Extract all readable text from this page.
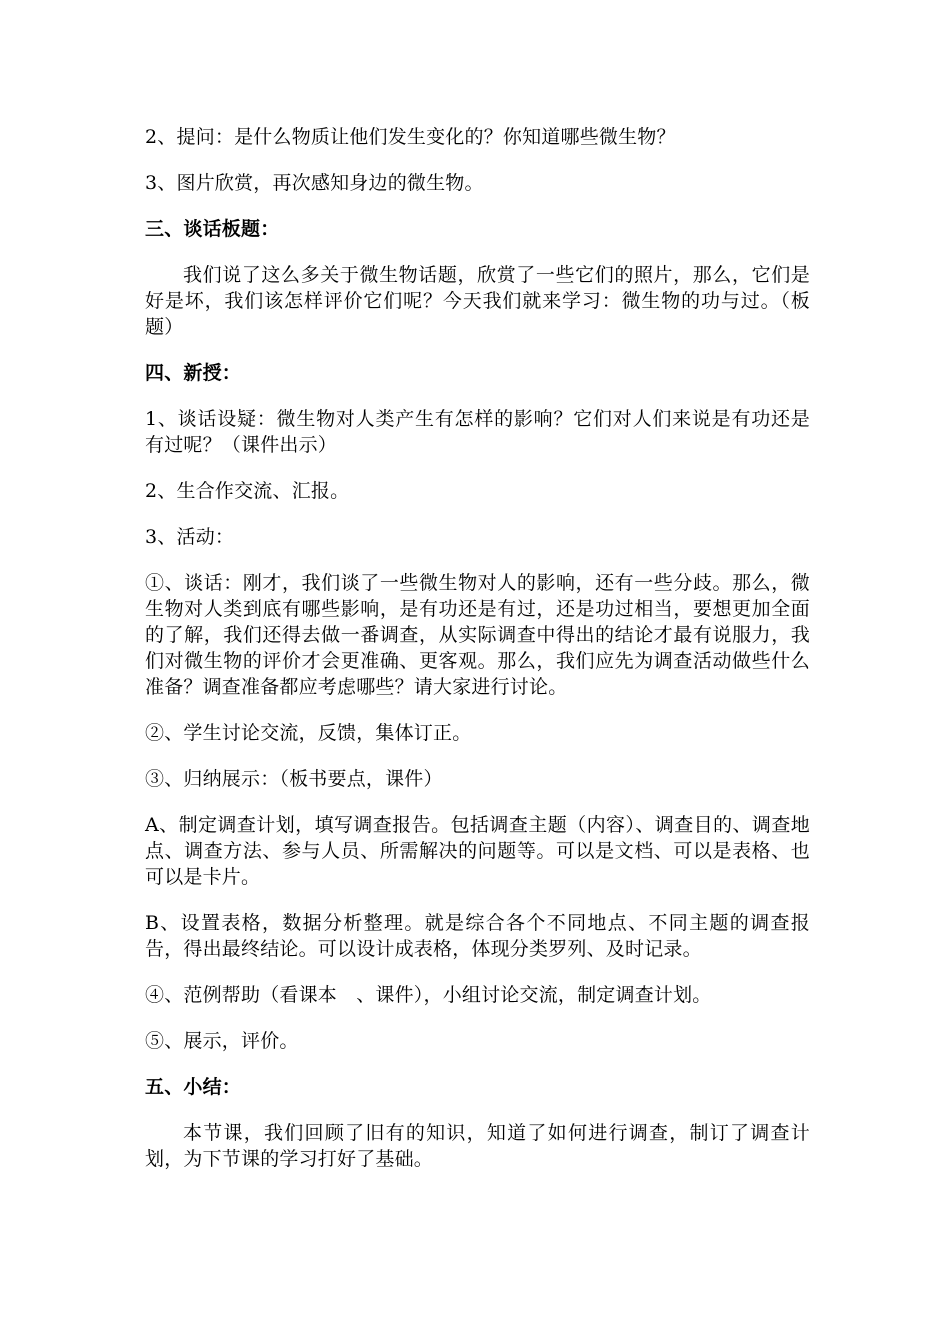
2、提问：是什么物质让他们发生变化的？你知道哪些微生物？

3、图片欣赏，再次感知身边的微生物。

三、谈话板题：

我们说了这么多关于微生物话题，欣赏了一些它们的照片，那么，它们是好是坏，我们该怎样评价它们呢？今天我们就来学习：微生物的功与过。（板题）

四、新授：

1、谈话设疑：微生物对人类产生有怎样的影响？它们对人们来说是有功还是有过呢？（课件出示）

2、生合作交流、汇报。

3、活动：

①、谈话：刚才，我们谈了一些微生物对人的影响，还有一些分歧。那么，微生物对人类到底有哪些影响，是有功还是有过，还是功过相当，要想更加全面的了解，我们还得去做一番调查，从实际调查中得出的结论才最有说服力，我们对微生物的评价才会更准确、更客观。那么，我们应先为调查活动做些什么准备？调查准备都应考虑哪些？请大家进行讨论。

②、学生讨论交流，反馈，集体订正。

③、归纳展示：（板书要点，课件）

A、制定调查计划，填写调查报告。包括调查主题（内容）、调查目的、调查地点、调查方法、参与人员、所需解决的问题等。可以是文档、可以是表格、也可以是卡片。

B、设置表格，数据分析整理。就是综合各个不同地点、不同主题的调查报告，得出最终结论。可以设计成表格，体现分类罗列、及时记录。

④、范例帮助（看课本　、课件），小组讨论交流，制定调查计划。

⑤、展示，评价。

五、小结：

本节课，我们回顾了旧有的知识，知道了如何进行调查，制订了调查计划，为下节课的学习打好了基础。
